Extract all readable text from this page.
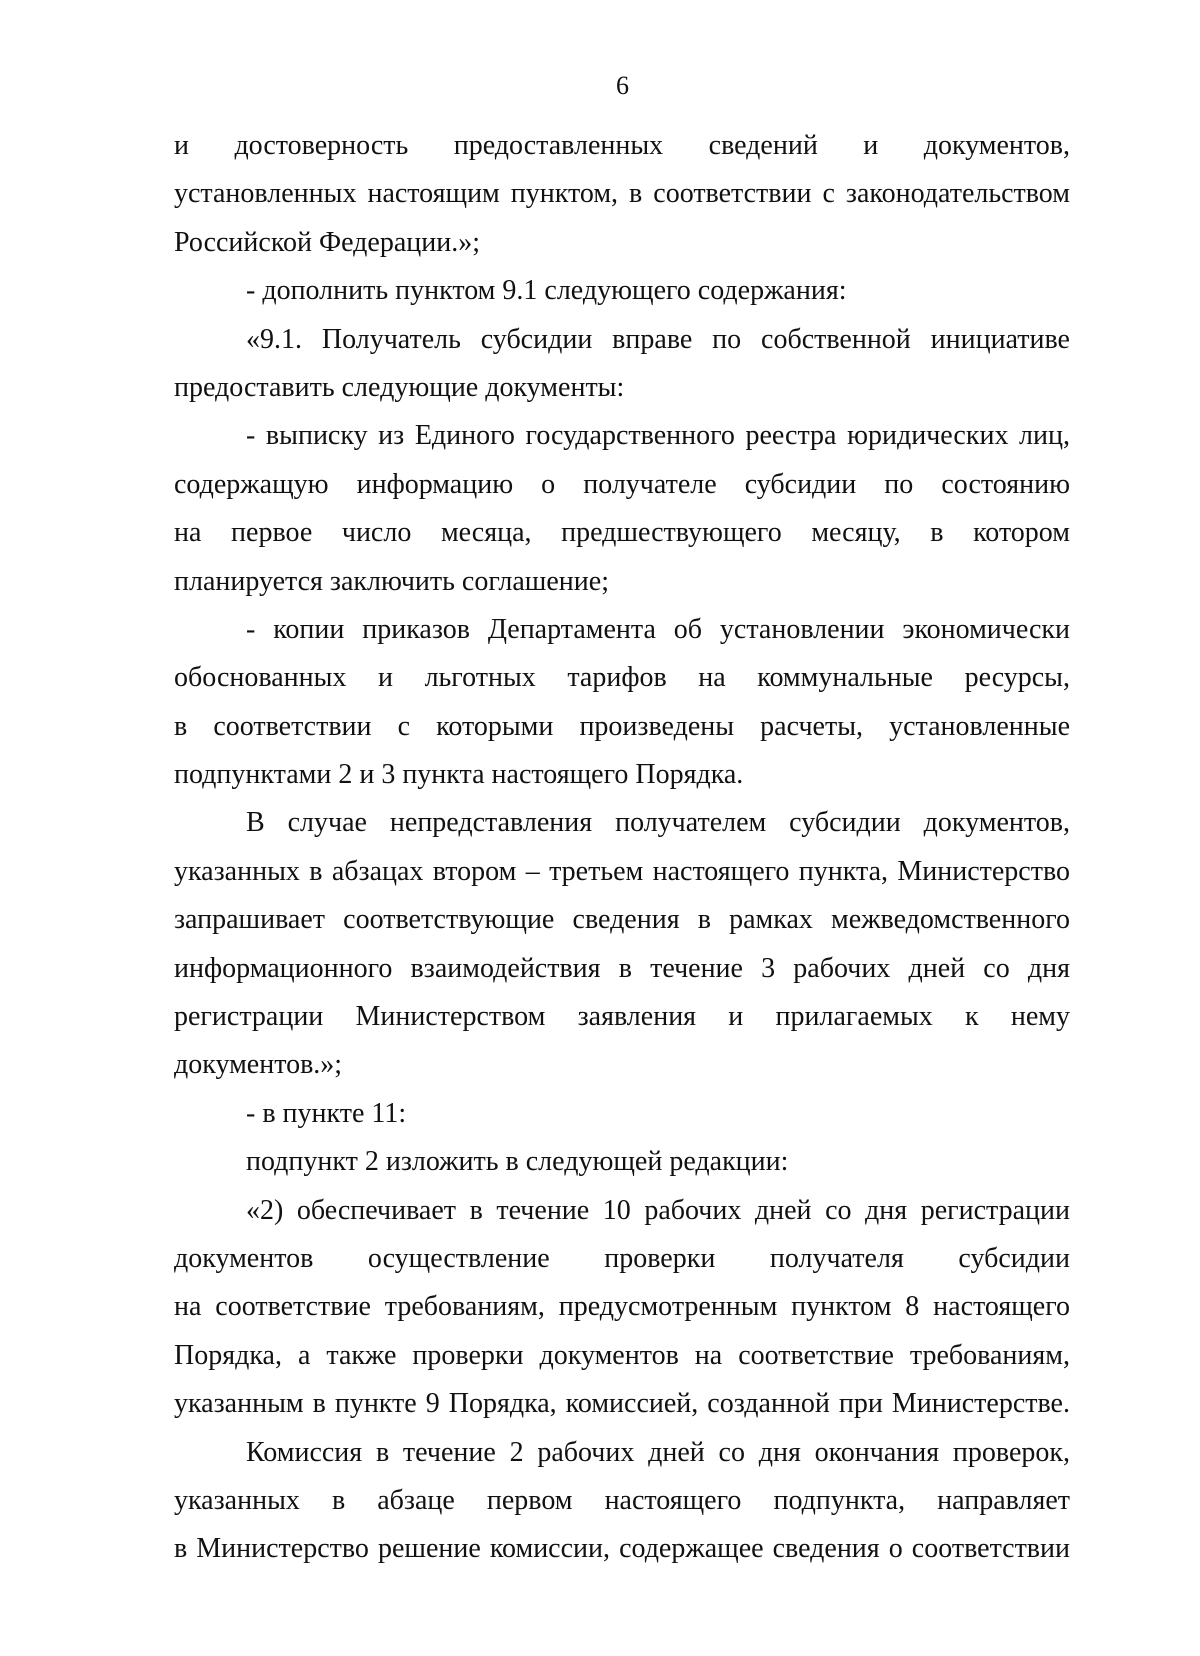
6
и достоверность предоставленных сведений и документов,
установленных настоящим пунктом, в соответствии с законодательством
Российской Федерации.»;
- дополнить пунктом 9.1 следующего содержания:
«9.1. Получатель субсидии вправе по собственной инициативе
предоставить следующие документы:
- выписку из Единого государственного реестра юридических лиц,
содержащую информацию о получателе субсидии по состоянию
на первое число месяца, предшествующего месяцу, в котором
планируется заключить соглашение;
- копии приказов Департамента об установлении экономически
обоснованных и льготных тарифов на коммунальные ресурсы,
в соответствии с которыми произведены расчеты, установленные
подпунктами 2 и 3 пункта настоящего Порядка.
В случае непредставления получателем субсидии документов,
указанных в абзацах втором – третьем настоящего пункта, Министерство
запрашивает соответствующие сведения в рамках межведомственного
информационного взаимодействия в течение 3 рабочих дней со дня
регистрации Министерством заявления и прилагаемых к нему
документов.»;
- в пункте 11:
подпункт 2 изложить в следующей редакции:
«2) обеспечивает в течение 10 рабочих дней со дня регистрации
документов осуществление проверки получателя субсидии
на соответствие требованиям, предусмотренным пунктом 8 настоящего
Порядка, а также проверки документов на соответствие требованиям,
указанным в пункте 9 Порядка, комиссией, созданной при Министерстве.
Комиссия в течение 2 рабочих дней со дня окончания проверок,
указанных в абзаце первом настоящего подпункта, направляет
в Министерство решение комиссии, содержащее сведения о соответствии
